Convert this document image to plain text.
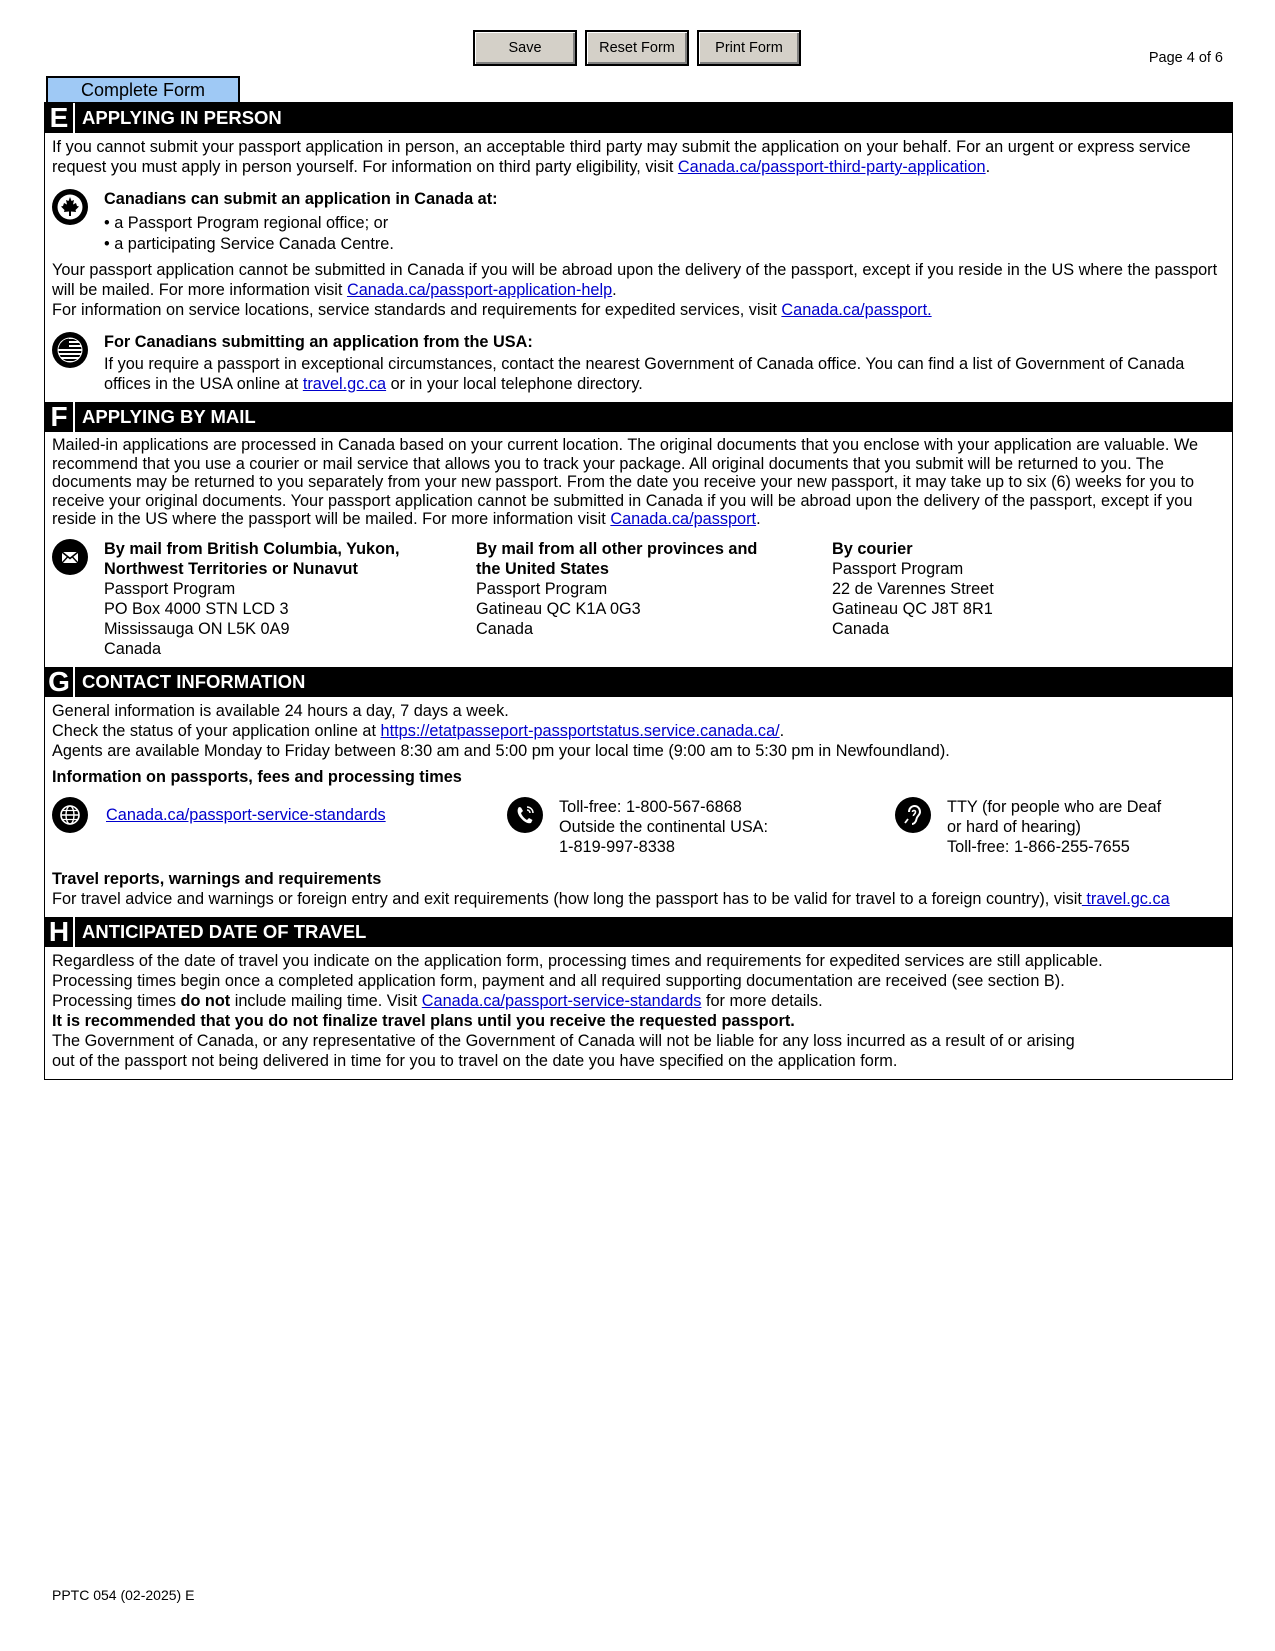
Save	Reset Form	Print Form
Page 4 of 6
Complete Form
E APPLYING IN PERSON

If you cannot submit your passport application in person, an acceptable third party may submit the application on your behalf. For an urgent or express service request you must apply in person yourself. For information on third party eligibility, visit Canada.ca/passport-third-party-application.

Canadians can submit an application in Canada at:
• a Passport Program regional office; or
• a participating Service Canada Centre.

Your passport application cannot be submitted in Canada if you will be abroad upon the delivery of the passport, except if you reside in the US where the passport will be mailed. For more information visit Canada.ca/passport-application-help.

For information on service locations, service standards and requirements for expedited services, visit Canada.ca/passport.

For Canadians submitting an application from the USA:
If you require a passport in exceptional circumstances, contact the nearest Government of Canada office. You can find a list of Government of Canada offices in the USA online at travel.gc.ca or in your local telephone directory.
F APPLYING BY MAIL

Mailed-in applications are processed in Canada based on your current location. The original documents that you enclose with your application are valuable. We recommend that you use a courier or mail service that allows you to track your package. All original documents that you submit will be returned to you. The documents may be returned to you separately from your new passport. From the date you receive your new passport, it may take up to six (6) weeks for you to receive your original documents. Your passport application cannot be submitted in Canada if you will be abroad upon the delivery of the passport, except if you reside in the US where the passport will be mailed. For more information visit Canada.ca/passport.

By mail from British Columbia, Yukon, Northwest Territories or Nunavut
Passport Program
PO Box 4000 STN LCD 3
Mississauga ON L5K 0A9
Canada
By mail from all other provinces and the United States
Passport Program
Gatineau QC K1A 0G3
Canada
By courier
Passport Program
22 de Varennes Street
Gatineau QC J8T 8R1
Canada
G CONTACT INFORMATION

General information is available 24 hours a day, 7 days a week.

Check the status of your application online at https://etatpasseport-passportstatus.service.canada.ca/.

Agents are available Monday to Friday between 8:30 am and 5:00 pm your local time (9:00 am to 5:30 pm in Newfoundland).

Information on passports, fees and processing times

Canada.ca/passport-service-standards	Toll-free: 1-800-567-6868
Outside the continental USA:
1-819-997-8338
TTY (for people who are Deaf
or hard of hearing)
Toll-free: 1-866-255-7655

Travel reports, warnings and requirements

For travel advice and warnings or foreign entry and exit requirements (how long the passport has to be valid for travel to a foreign country), visit travel.gc.ca

H ANTICIPATED DATE OF TRAVEL

Regardless of the date of travel you indicate on the application form, processing times and requirements for expedited services are still applicable.

Processing times begin once a completed application form, payment and all required supporting documentation are received (see section B).

Processing times do not include mailing time. Visit Canada.ca/passport-service-standards for more details.

It is recommended that you do not finalize travel plans until you receive the requested passport.

The Government of Canada, or any representative of the Government of Canada will not be liable for any loss incurred as a result of or arising out of the passport not being delivered in time for you to travel on the date you have specified on the application form.

PPTC 054 (02-2025) E
